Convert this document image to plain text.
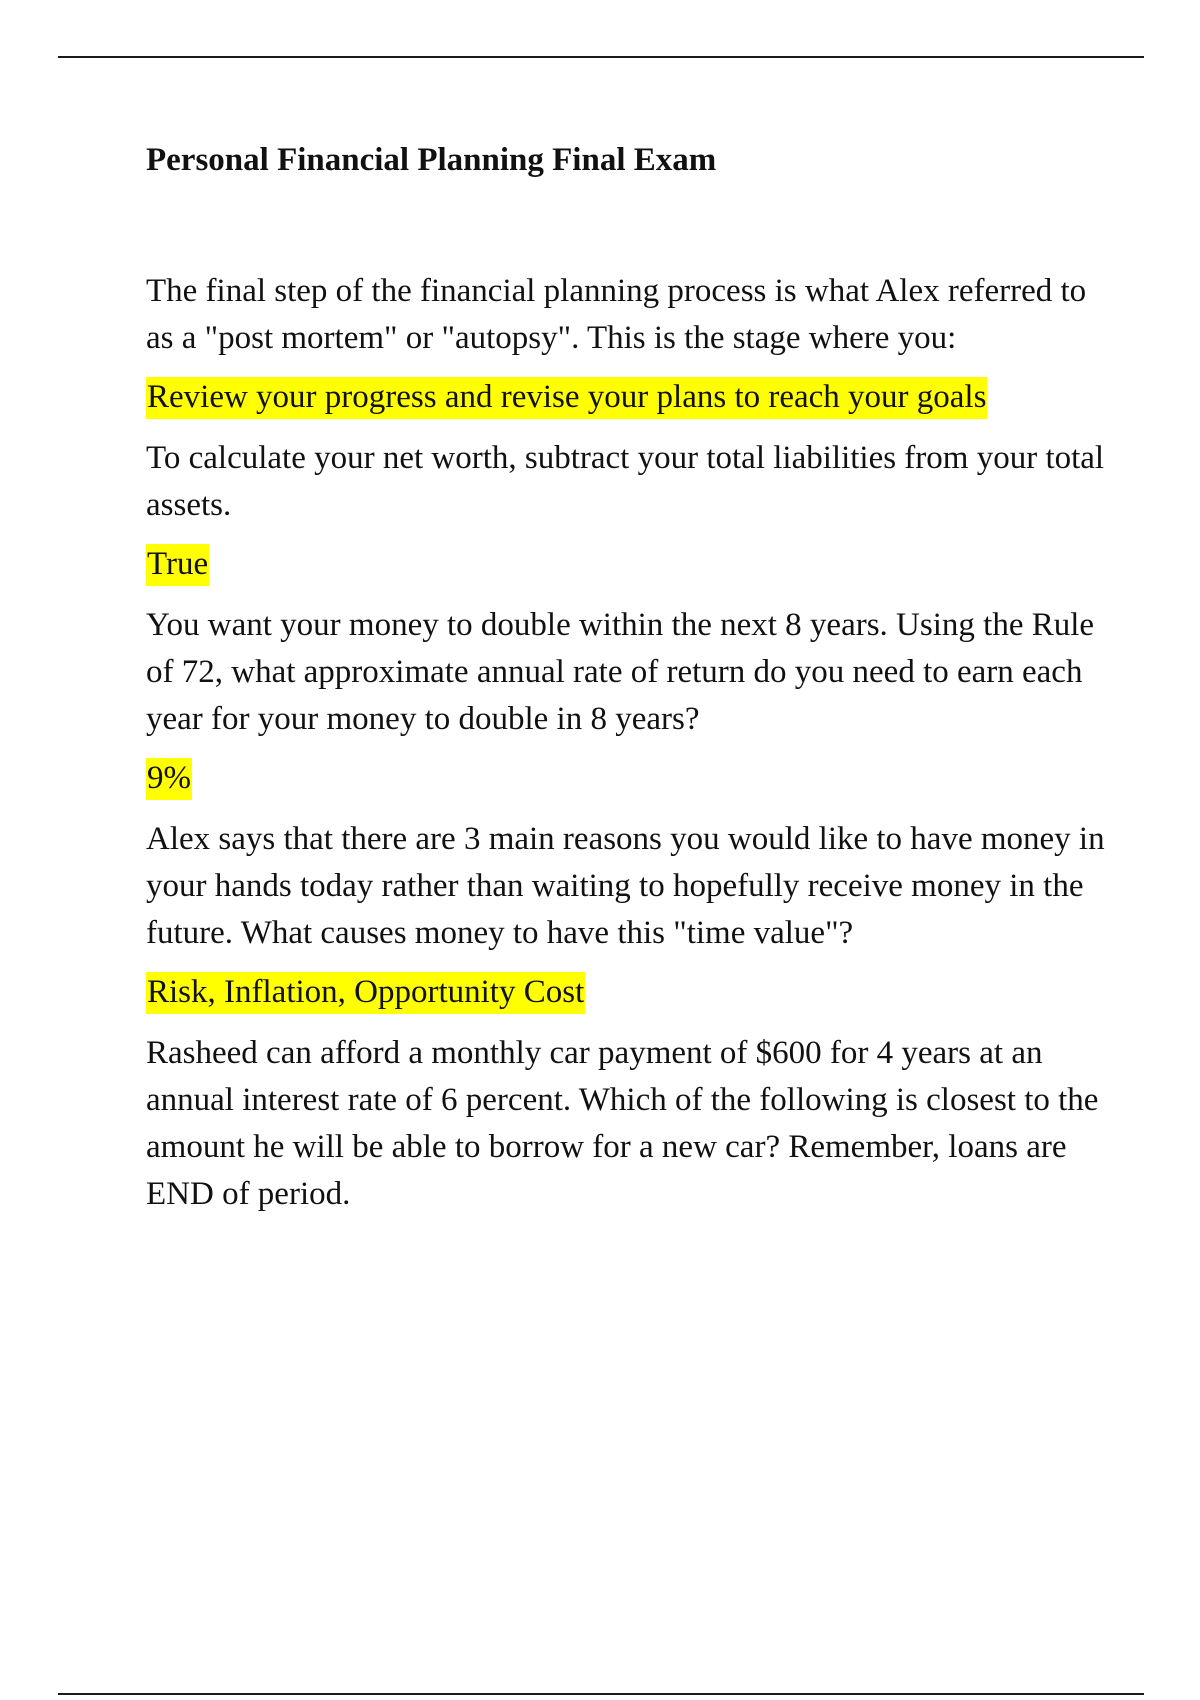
Personal Financial Planning Final Exam

The final step of the financial planning process is what Alex referred to as a "post mortem" or "autopsy". This is the stage where you:

Review your progress and revise your plans to reach your goals

To calculate your net worth, subtract your total liabilities from your total assets.

True

You want your money to double within the next 8 years. Using the Rule of 72, what approximate annual rate of return do you need to earn each year for your money to double in 8 years?

9%

Alex says that there are 3 main reasons you would like to have money in your hands today rather than waiting to hopefully receive money in the future. What causes money to have this "time value"?

Risk, Inflation, Opportunity Cost

Rasheed can afford a monthly car payment of $600 for 4 years at an annual interest rate of 6 percent. Which of the following is closest to the amount he will be able to borrow for a new car? Remember, loans are END of period.
